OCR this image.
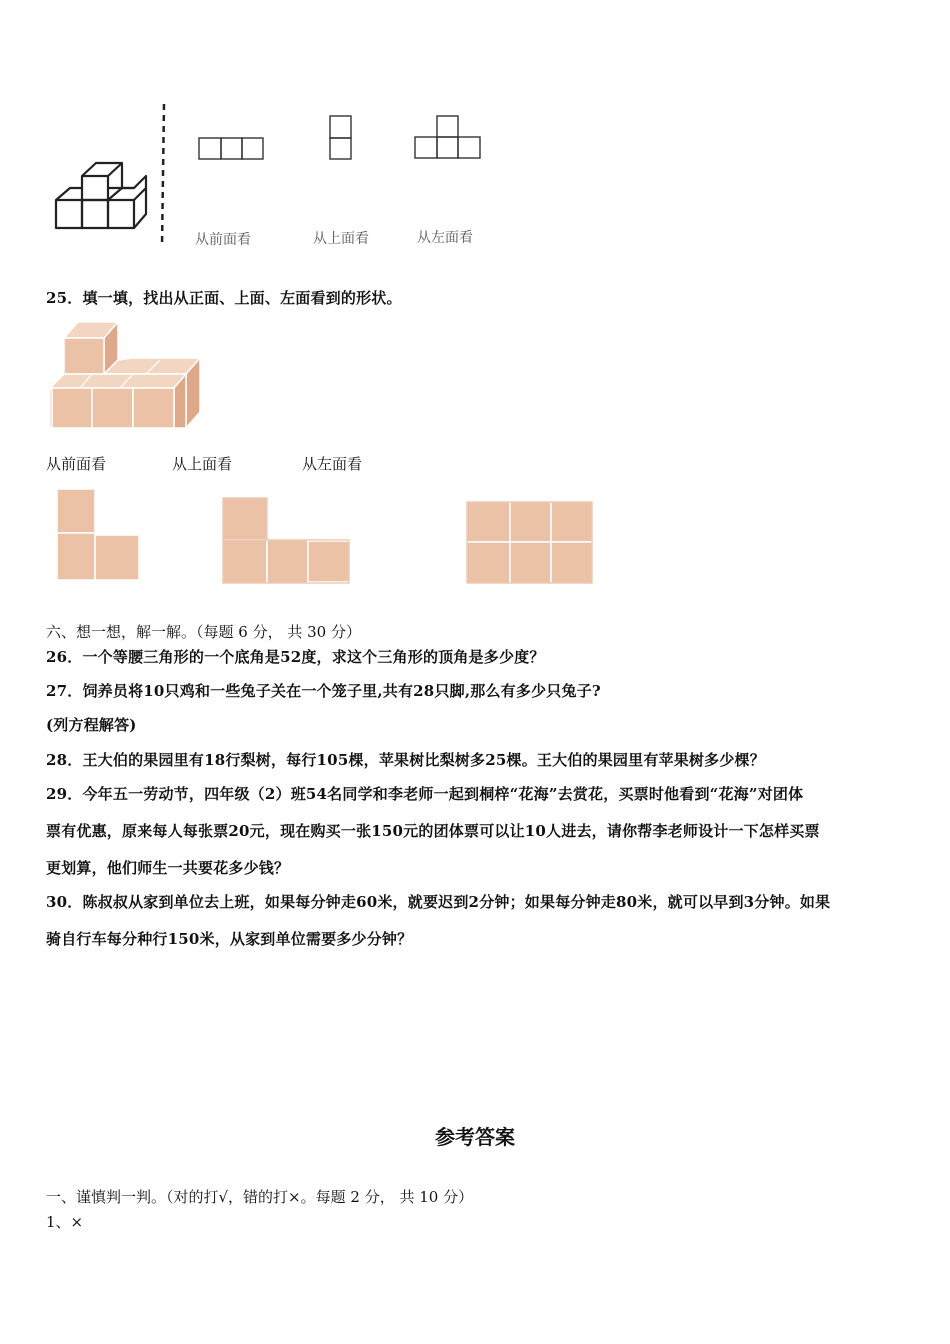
从前面看	从上面看	从左面看
25．填一填，找出从正面、上面、左面看到的形状。
从前面看	从上面看	从左面看
六、想一想，解一解。（每题 6 分， 共 30 分）
26．一个等腰三角形的一个底角是52度，求这个三角形的顶角是多少度？
27．饲养员将10只鸡和一些兔子关在一个笼子里,共有28只脚,那么有多少只兔子?
(列方程解答)
28．王大伯的果园里有18行梨树，每行105棵，苹果树比梨树多25棵。王大伯的果园里有苹果树多少棵？
29．今年五一劳动节，四年级（2）班54名同学和李老师一起到桐梓“花海”去赏花，买票时他看到“花海”对团体
票有优惠，原来每人每张票20元，现在购买一张150元的团体票可以让10人进去，请你帮李老师设计一下怎样买票
更划算，他们师生一共要花多少钱？
30．陈叔叔从家到单位去上班，如果每分钟走60米，就要迟到2分钟；如果每分钟走80米，就可以早到3分钟。如果
骑自行车每分种行150米，从家到单位需要多少分钟？
参考答案
一、谨慎判一判。（对的打√，错的打×。每题 2 分， 共 10 分）
1、×
